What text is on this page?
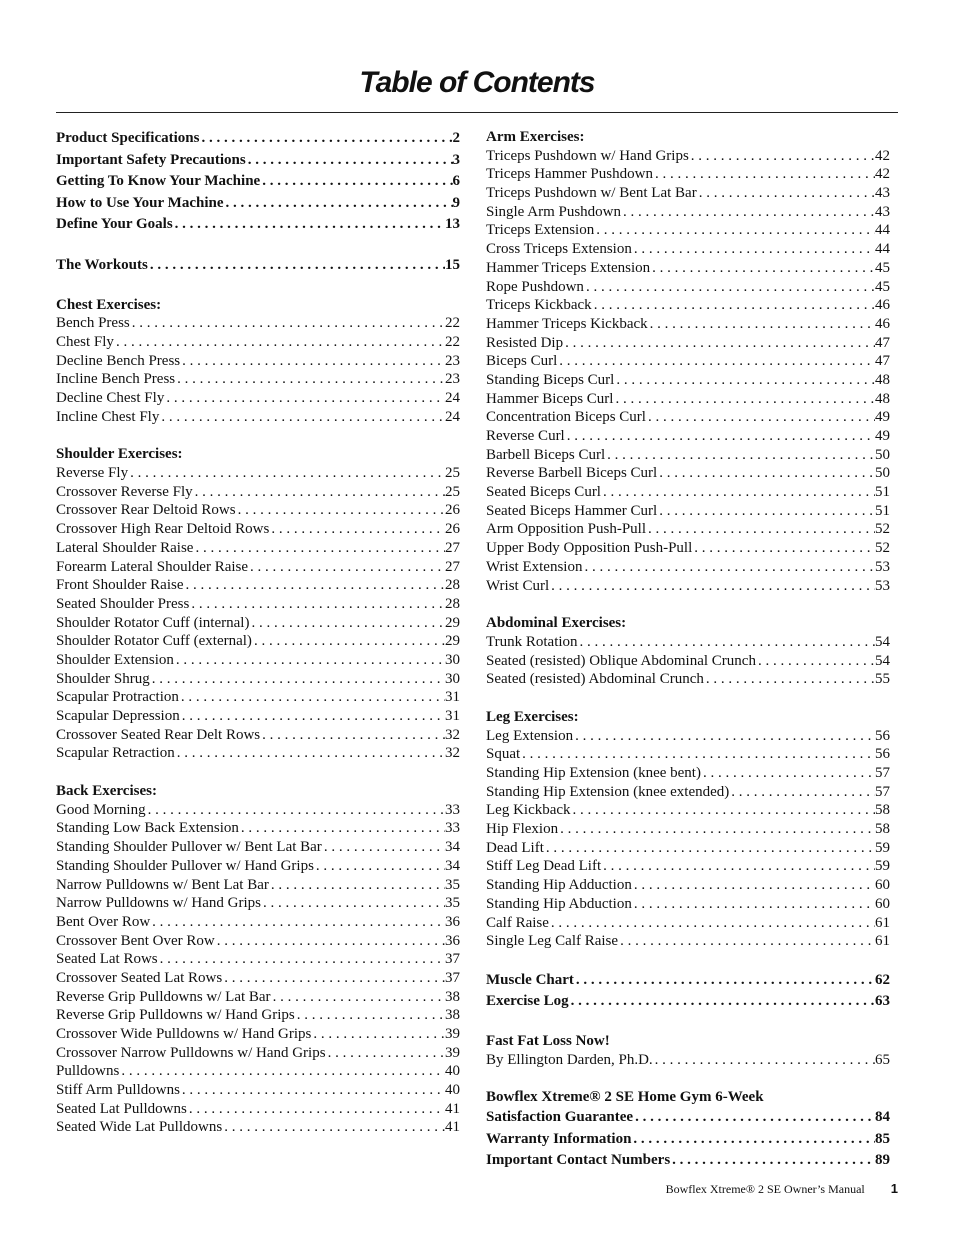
Table of Contents
Product Specifications . . .	2
Important Safety Precautions . . .	3
Getting To Know Your Machine . . .	6
How to Use Your Machine . . .	9
Define Your Goals . . .	13
The Workouts . . .	15
Chest Exercises:
Bench Press . . .	22
Chest Fly . . .	22
Decline Bench Press . . .	23
Incline Bench Press . . .	23
Decline Chest Fly . . .	24
Incline Chest Fly . . .	24
Shoulder Exercises:
Reverse Fly . . .	25
Crossover Reverse Fly . . .	25
Crossover Rear Deltoid Rows . . .	26
Crossover High Rear Deltoid Rows . . .	26
Lateral Shoulder Raise . . .	27
Forearm Lateral Shoulder Raise . . .	27
Front Shoulder Raise . . .	28
Seated Shoulder Press . . .	28
Shoulder Rotator Cuff (internal) . . .	29
Shoulder Rotator Cuff (external) . . .	29
Shoulder Extension . . .	30
Shoulder Shrug . . .	30
Scapular Protraction . . .	31
Scapular Depression . . .	31
Crossover Seated Rear Delt Rows . . .	32
Scapular Retraction . . .	32
Back Exercises:
Good Morning . . .	33
Standing Low Back Extension . . .	33
Standing Shoulder Pullover w/ Bent Lat Bar . . .	34
Standing Shoulder Pullover w/ Hand Grips . . .	34
Narrow Pulldowns w/ Bent Lat Bar . . .	35
Narrow Pulldowns w/ Hand Grips . . .	35
Bent Over Row . . .	36
Crossover Bent Over Row . . .	36
Seated Lat Rows . . .	37
Crossover Seated Lat Rows . . .	37
Reverse Grip Pulldowns w/ Lat Bar . . .	38
Reverse Grip Pulldowns w/ Hand Grips . . .	38
Crossover Wide Pulldowns w/ Hand Grips . . .	39
Crossover Narrow Pulldowns w/ Hand Grips . . .	39
Pulldowns . . .	40
Stiff Arm Pulldowns . . .	40
Seated Lat Pulldowns . . .	41
Seated Wide Lat Pulldowns . . .	41
Arm Exercises:
Triceps Pushdown w/ Hand Grips . . .	42
Triceps Hammer Pushdown . . .	42
Triceps Pushdown w/ Bent Lat Bar . . .	43
Single Arm Pushdown . . .	43
Triceps Extension . . .	44
Cross Triceps Extension . . .	44
Hammer Triceps Extension . . .	45
Rope Pushdown . . .	45
Triceps Kickback . . .	46
Hammer Triceps Kickback . . .	46
Resisted Dip . . .	47
Biceps Curl . . .	47
Standing Biceps Curl . . .	48
Hammer Biceps Curl . . .	48
Concentration Biceps Curl . . .	49
Reverse Curl . . .	49
Barbell Biceps Curl . . .	50
Reverse Barbell Biceps Curl . . .	50
Seated Biceps Curl . . .	51
Seated Biceps Hammer Curl . . .	51
Arm Opposition Push-Pull . . .	52
Upper Body Opposition Push-Pull . . .	52
Wrist Extension . . .	53
Wrist Curl . . .	53
Abdominal Exercises:
Trunk Rotation . . .	54
Seated (resisted) Oblique Abdominal Crunch . . .	54
Seated (resisted) Abdominal Crunch . . .	55
Leg Exercises:
Leg Extension . . .	56
Squat . . .	56
Standing Hip Extension (knee bent) . . .	57
Standing Hip Extension (knee extended) . . .	57
Leg Kickback . . .	58
Hip Flexion . . .	58
Dead Lift . . .	59
Stiff Leg Dead Lift . . .	59
Standing Hip Adduction . . .	60
Standing Hip Abduction . . .	60
Calf Raise . . .	61
Single Leg Calf Raise . . .	61
Muscle Chart . . .	62
Exercise Log . . .	63
Fast Fat Loss Now!
By Ellington Darden, Ph.D. . . .	65
Bowflex Xtreme® 2 SE Home Gym 6-Week
Satisfaction Guarantee . . .	84
Warranty Information . . .	85
Important Contact Numbers . . .	89
Bowflex Xtreme® 2 SE Owner’s Manual 1
